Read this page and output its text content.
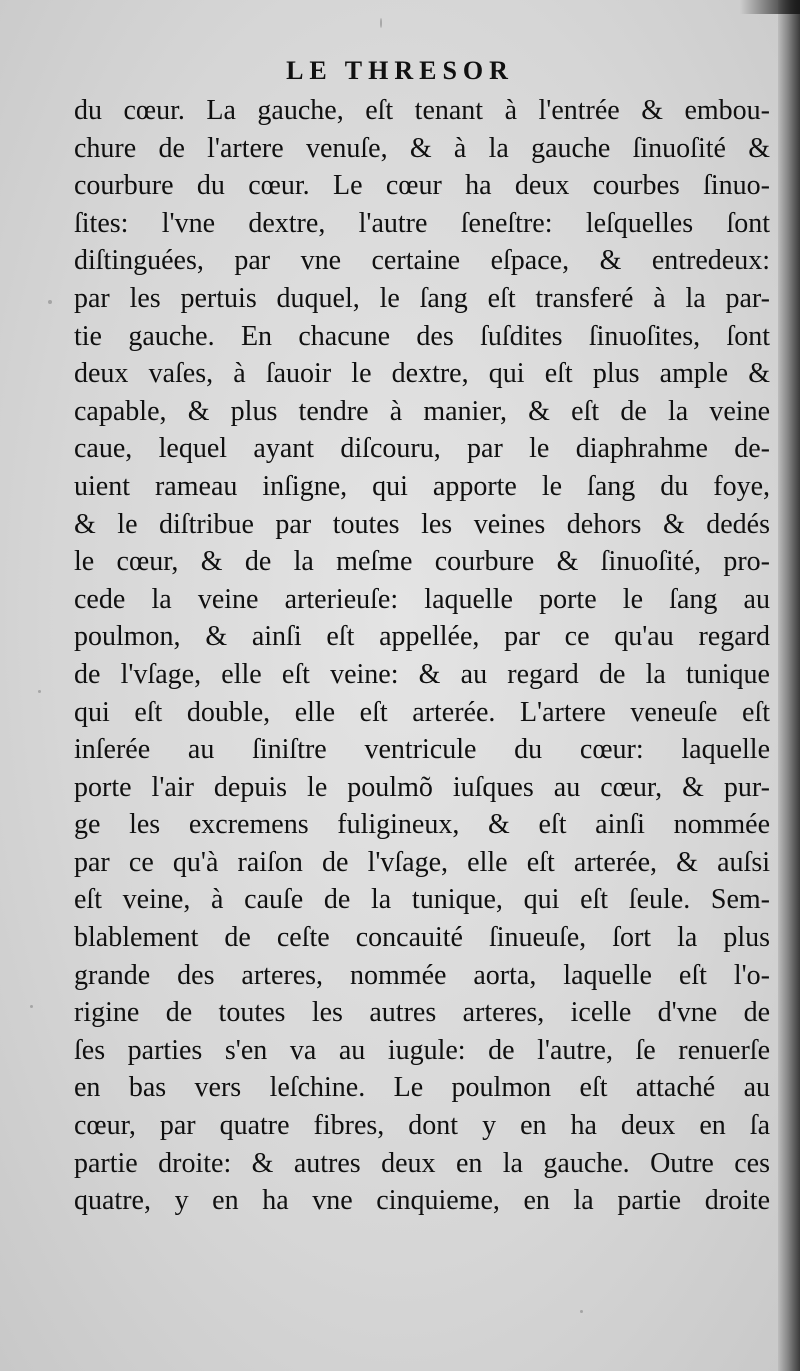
LE THRESOR
du cœur. La gauche, eſt tenant à l'entrée & embou-
chure de l'artere venuſe, & à la gauche ſinuoſité &
courbure du cœur. Le cœur ha deux courbes ſinuo-
ſites: l'vne dextre, l'autre ſeneſtre: leſquelles ſont
diſtinguées, par vne certaine eſpace, & entredeux:
par les pertuis duquel, le ſang eſt transferé à la par-
tie gauche. En chacune des ſuſdites ſinuoſites, ſont
deux vaſes, à ſauoir le dextre, qui eſt plus ample &
capable, & plus tendre à manier, & eſt de la veine
caue, lequel ayant diſcouru, par le diaphrahme de-
uient rameau inſigne, qui apporte le ſang du foye,
& le diſtribue par toutes les veines dehors & dedés
le cœur, & de la meſme courbure & ſinuoſité, pro-
cede la veine arterieuſe: laquelle porte le ſang au
poulmon, & ainſi eſt appellée, par ce qu'au regard
de l'vſage, elle eſt veine: & au regard de la tunique
qui eſt double, elle eſt arterée. L'artere veneuſe eſt
inſerée au ſiniſtre ventricule du cœur: laquelle
porte l'air depuis le poulmõ iuſques au cœur, & pur-
ge les excremens fuligineux, & eſt ainſi nommée
par ce qu'à raiſon de l'vſage, elle eſt arterée, & auſsi
eſt veine, à cauſe de la tunique, qui eſt ſeule. Sem-
blablement de ceſte concauité ſinueuſe, ſort la plus
grande des arteres, nommée aorta, laquelle eſt l'o-
rigine de toutes les autres arteres, icelle d'vne de
ſes parties s'en va au iugule: de l'autre, ſe renuerſe
en bas vers leſchine. Le poulmon eſt attaché au
cœur, par quatre fibres, dont y en ha deux en ſa
partie droite: & autres deux en la gauche. Outre ces
quatre, y en ha vne cinquieme, en la partie droite
